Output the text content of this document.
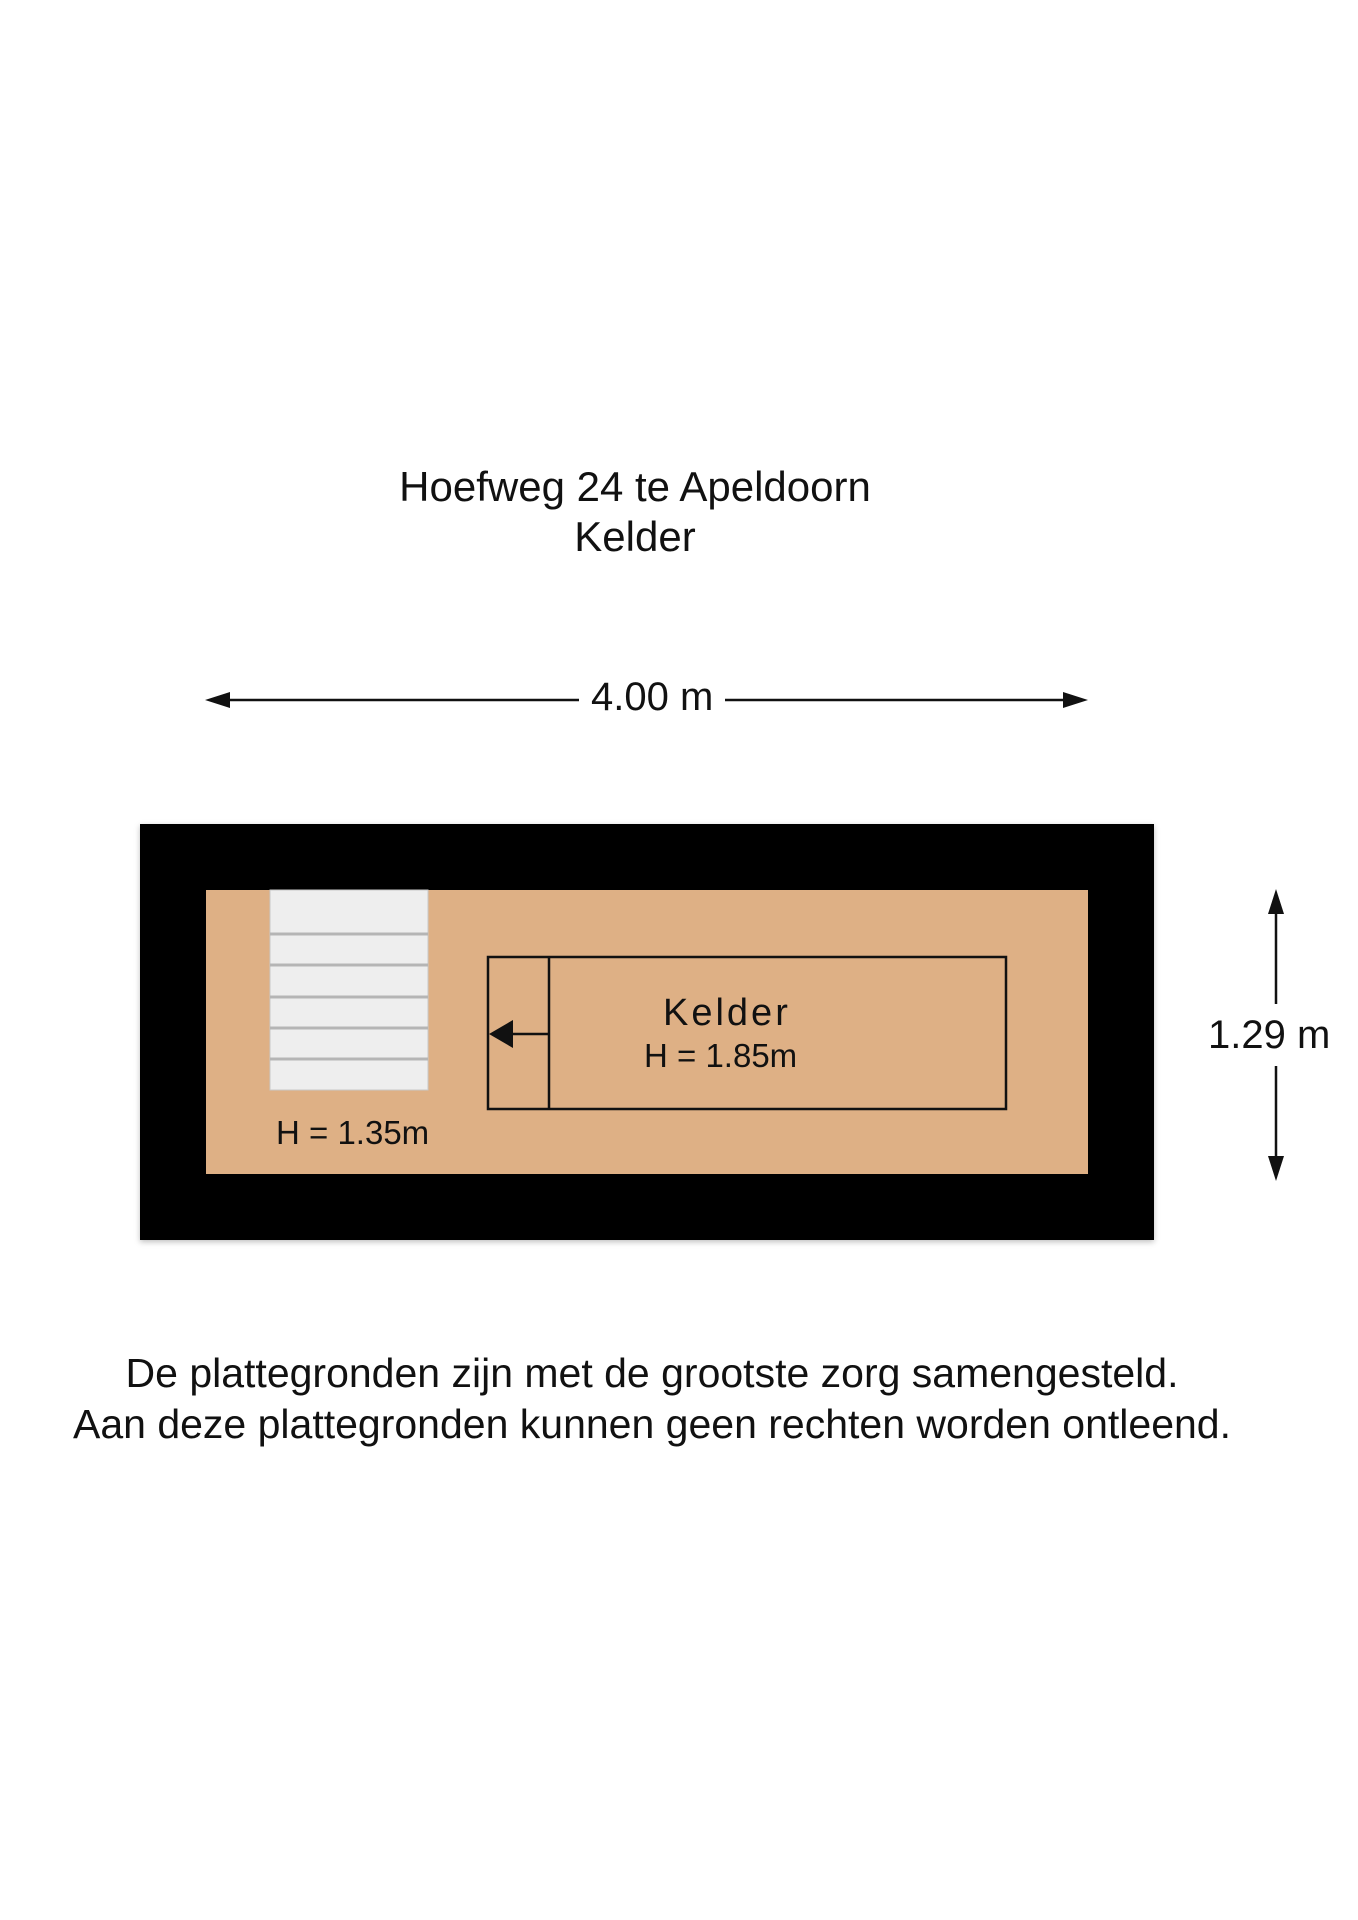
Hoefweg 24 te Apeldoorn
Kelder
4.00 m
1.29 m
Kelder
H = 1.85m
H = 1.35m
De plattegronden zijn met de grootste zorg samengesteld.
Aan deze plattegronden kunnen geen rechten worden ontleend.
